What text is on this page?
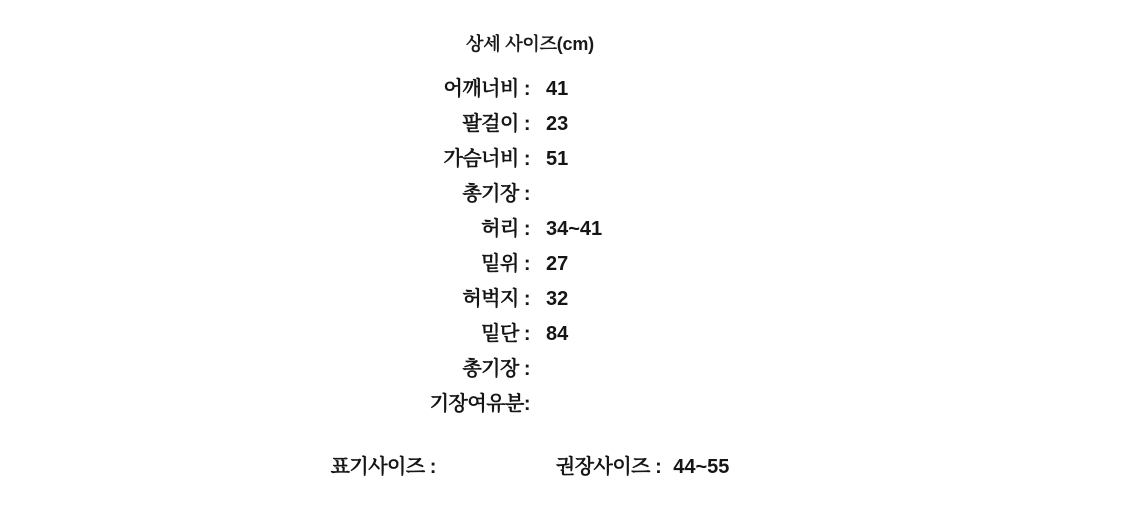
상세 사이즈(cm)
어깨너비 : 41
팔걸이 : 23
가슴너비 : 51
총기장 :
허리 : 34~41
밑위 : 27
허벅지 : 32
밑단 : 84
총기장 :
기장여유분:
표기사이즈 :	권장사이즈 : 44~55
